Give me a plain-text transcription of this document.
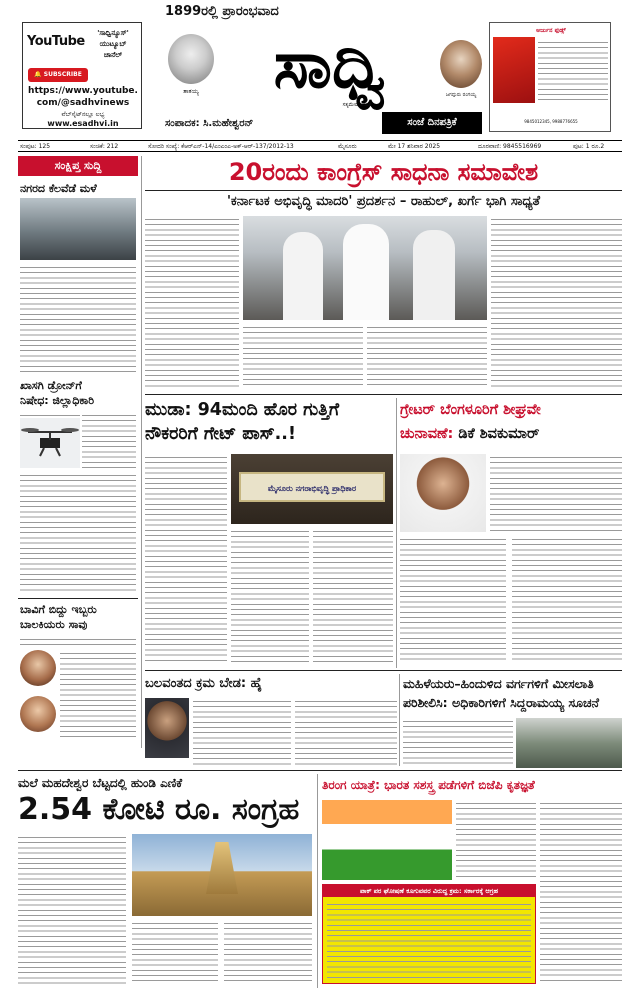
YouTube
'ಸಾಧ್ವಿನ್ಯೂಸ್'
ಯುಟ್ಯೂಬ್
ಚಾನೆಲ್
🔔 SUBSCRIBE
https://www.youtube.
com/@sadhvinews
ವೆಬ್‌ಸೈಟ್‌ನಲ್ಲೂ ಲಭ್ಯ
www.esadhvi.in
1899ರಲ್ಲಿ ಪ್ರಾರಂಭವಾದ
ತಾತಯ್ಯ	ಸಾಧ್ವಿ
ಸತ್ಯಮೇವ ಜಯತೆ
ಜಗದ್ಗುರು ರಂಗಯ್ಯ
ಸಂಪಾದಕ: ಸಿ.ಮಹೇಶ್ವರನ್	ಸಂಜೆ ದಿನಪತ್ರಿಕೆ
ಅರ್ಜುನ ಫುಡ್ಸ್
9845012345, 9988776655
ಸಂಪುಟ: 125	ಸಂಚಿಕೆ: 212	ಸೋದರಿ ಸಂಖ್ಯೆ: ಕೆಆರ್‌ಎನ್-14/ಎಂಎಂಎ-ಅಕ್-ಆರ್-137/2012-13	ಮೈಸೂರು	ಮೇ 17 ಶನಿವಾರ 2025	ದೂರವಾಣಿ: 9845516969	ಪುಟ: 1 ರೂ.2
ಸಂಕ್ಷಿಪ್ತ ಸುದ್ದಿ
ನಗರದ ಕೆಲವೆಡೆ ಮಳೆ
ಖಾಸಗಿ ಡ್ರೋನ್‌ಗೆ
ನಿಷೇಧ: ಜಿಲ್ಲಾಧಿಕಾರಿ
ಬಾವಿಗೆ ಬಿದ್ದು ಇಬ್ಬರು
ಬಾಲಕಿಯರು ಸಾವು
20ರಂದು ಕಾಂಗ್ರೆಸ್ ಸಾಧನಾ ಸಮಾವೇಶ
'ಕರ್ನಾಟಕ ಅಭಿವೃದ್ಧಿ ಮಾದರಿ' ಪ್ರದರ್ಶನ – ರಾಹುಲ್, ಖರ್ಗೆ ಭಾಗಿ ಸಾಧ್ಯತೆ
ಮುಡಾ: 94ಮಂದಿ ಹೊರ ಗುತ್ತಿಗೆ
ನೌಕರರಿಗೆ ಗೇಟ್ ಪಾಸ್..!
ಮೈಸೂರು ನಗರಾಭಿವೃದ್ಧಿ ಪ್ರಾಧಿಕಾರ
ಗ್ರೇಟರ್ ಬೆಂಗಳೂರಿಗೆ ಶೀಘ್ರವೇ
ಚುನಾವಣೆ: ಡಿಕೆ ಶಿವಕುಮಾರ್
ಬಲವಂತದ ಕ್ರಮ ಬೇಡ: ಹೈ	ಮಹಿಳೆಯರು–ಹಿಂದುಳಿದ ವರ್ಗಗಳಿಗೆ ಮೀಸಲಾತಿ
ಪರಿಶೀಲಿಸಿ: ಅಧಿಕಾರಿಗಳಿಗೆ ಸಿದ್ದರಾಮಯ್ಯ ಸೂಚನೆ
ಮಲೆ ಮಹದೇಶ್ವರ ಬೆಟ್ಟದಲ್ಲಿ ಹುಂಡಿ ಎಣಿಕೆ
2.54 ಕೋಟಿ ರೂ. ಸಂಗ್ರಹ
ತಿರಂಗ ಯಾತ್ರೆ: ಭಾರತ ಸಶಸ್ತ್ರ ಪಡೆಗಳಿಗೆ ಬಿಜೆಪಿ ಕೃತಜ್ಞತೆ
ಪಾಕ್ ಪರ ಘೋಷಣೆ ಕೂಗುವವರ ವಿರುದ್ಧ ಕ್ರಮ: ಸರ್ಕಾರಕ್ಕೆ ಆಗ್ರಹ
